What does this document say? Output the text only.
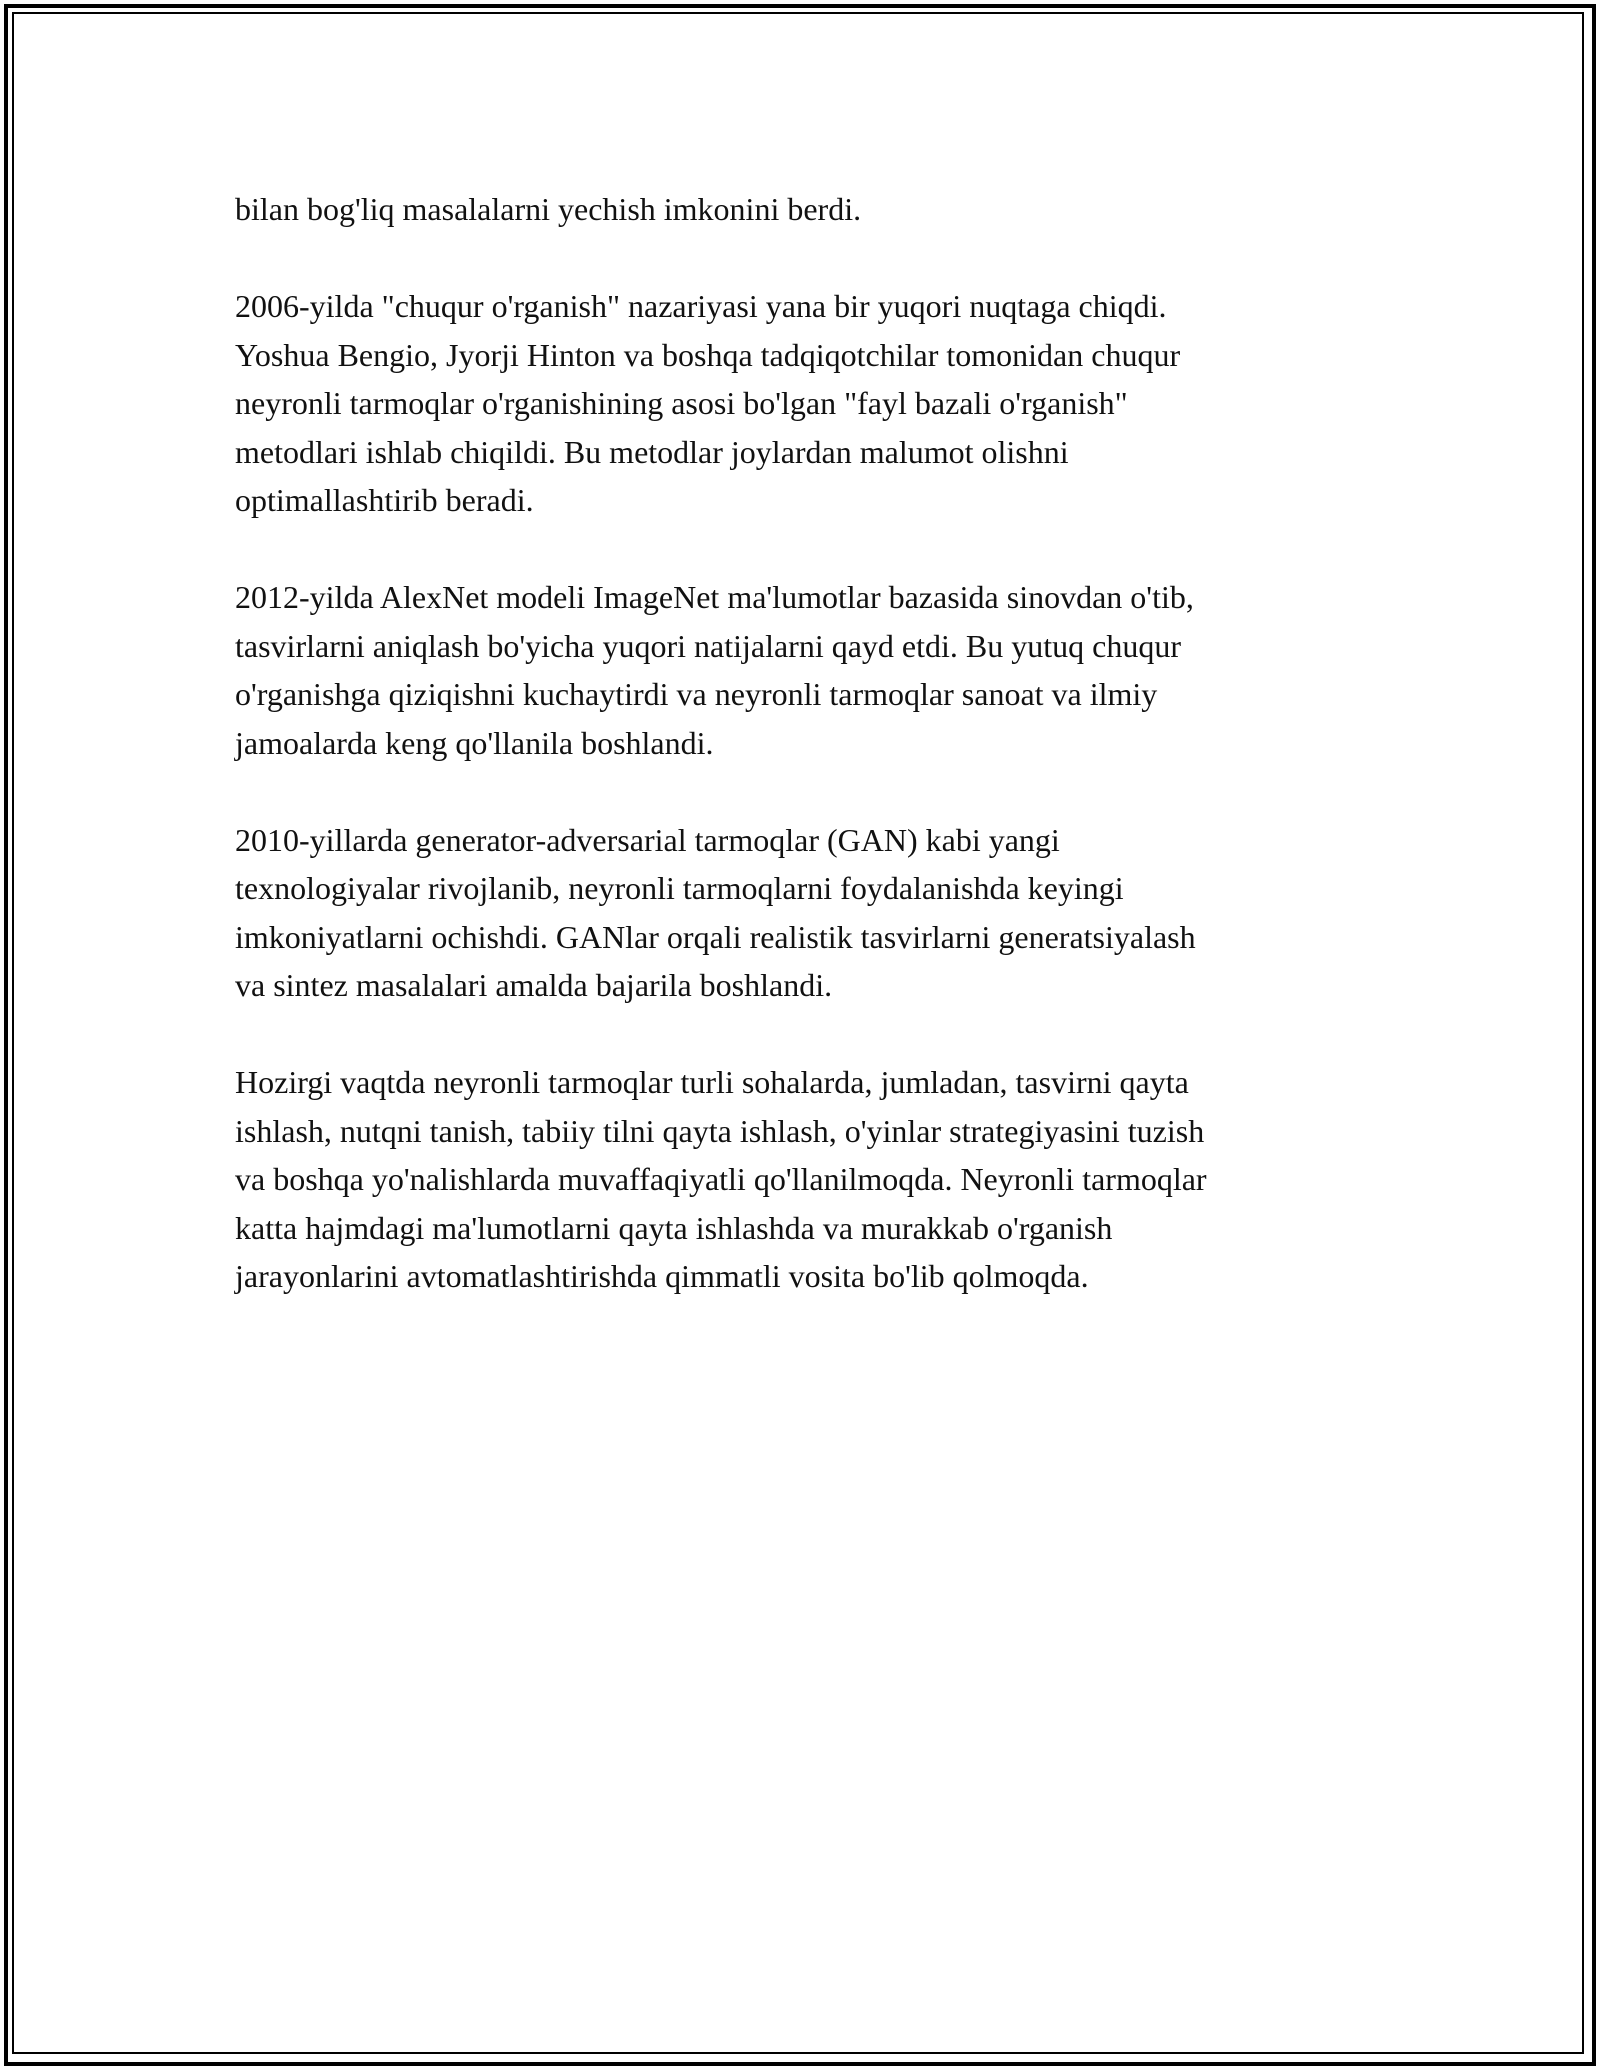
bilan bog'liq masalalarni yechish imkonini berdi.

2006-yilda "chuqur o'rganish" nazariyasi yana bir yuqori nuqtaga chiqdi.
Yoshua Bengio, Jyorji Hinton va boshqa tadqiqotchilar tomonidan chuqur
neyronli tarmoqlar o'rganishining asosi bo'lgan "fayl bazali o'rganish"
metodlari ishlab chiqildi. Bu metodlar joylardan malumot olishni
optimallashtirib beradi.

2012-yilda AlexNet modeli ImageNet ma'lumotlar bazasida sinovdan o'tib,
tasvirlarni aniqlash bo'yicha yuqori natijalarni qayd etdi. Bu yutuq chuqur
o'rganishga qiziqishni kuchaytirdi va neyronli tarmoqlar sanoat va ilmiy
jamoalarda keng qo'llanila boshlandi.

2010-yillarda generator-adversarial tarmoqlar (GAN) kabi yangi
texnologiyalar rivojlanib, neyronli tarmoqlarni foydalanishda keyingi
imkoniyatlarni ochishdi. GANlar orqali realistik tasvirlarni generatsiyalash
va sintez masalalari amalda bajarila boshlandi.

Hozirgi vaqtda neyronli tarmoqlar turli sohalarda, jumladan, tasvirni qayta
ishlash, nutqni tanish, tabiiy tilni qayta ishlash, o'yinlar strategiyasini tuzish
va boshqa yo'nalishlarda muvaffaqiyatli qo'llanilmoqda. Neyronli tarmoqlar
katta hajmdagi ma'lumotlarni qayta ishlashda va murakkab o'rganish
jarayonlarini avtomatlashtirishda qimmatli vosita bo'lib qolmoqda.
